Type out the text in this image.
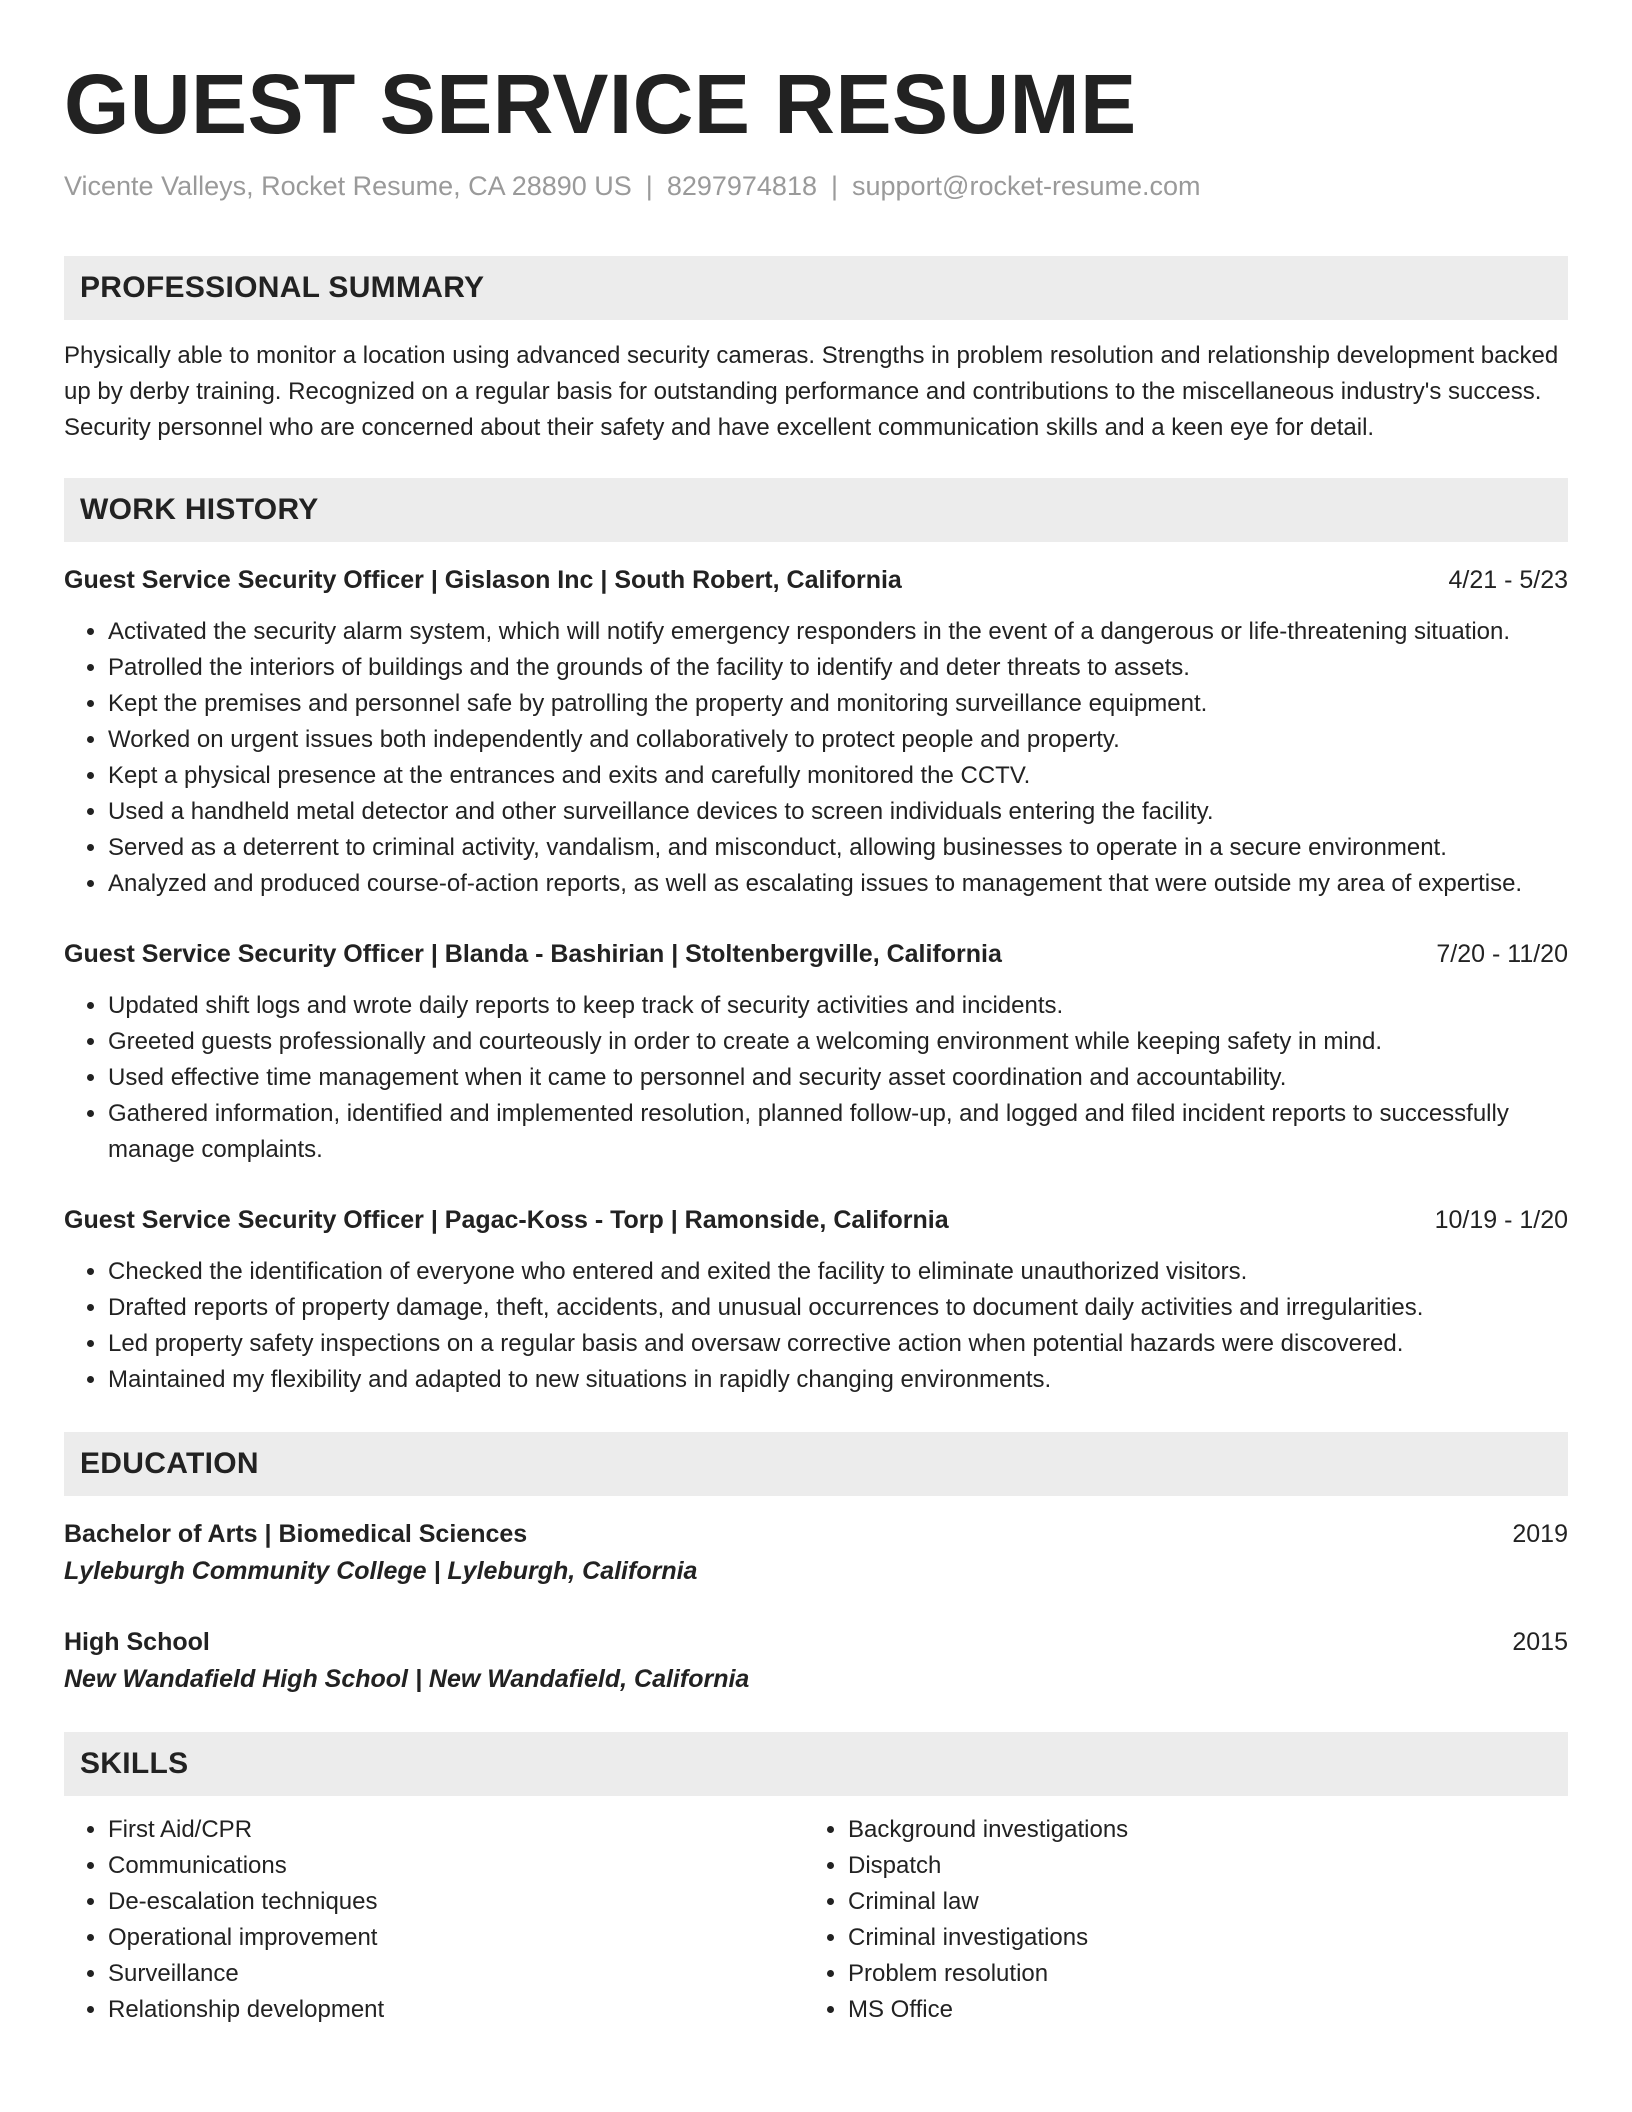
GUEST SERVICE RESUME
Vicente Valleys, Rocket Resume, CA 28890 US | 8297974818 | support@rocket-resume.com
PROFESSIONAL SUMMARY
Physically able to monitor a location using advanced security cameras. Strengths in problem resolution and relationship development backed up by derby training. Recognized on a regular basis for outstanding performance and contributions to the miscellaneous industry's success. Security personnel who are concerned about their safety and have excellent communication skills and a keen eye for detail.
WORK HISTORY
Guest Service Security Officer | Gislason Inc | South Robert, California	4/21 - 5/23
• Activated the security alarm system, which will notify emergency responders in the event of a dangerous or life-threatening situation.
• Patrolled the interiors of buildings and the grounds of the facility to identify and deter threats to assets.
• Kept the premises and personnel safe by patrolling the property and monitoring surveillance equipment.
• Worked on urgent issues both independently and collaboratively to protect people and property.
• Kept a physical presence at the entrances and exits and carefully monitored the CCTV.
• Used a handheld metal detector and other surveillance devices to screen individuals entering the facility.
• Served as a deterrent to criminal activity, vandalism, and misconduct, allowing businesses to operate in a secure environment.
• Analyzed and produced course-of-action reports, as well as escalating issues to management that were outside my area of expertise.
Guest Service Security Officer | Blanda - Bashirian | Stoltenbergville, California	7/20 - 11/20
• Updated shift logs and wrote daily reports to keep track of security activities and incidents.
• Greeted guests professionally and courteously in order to create a welcoming environment while keeping safety in mind.
• Used effective time management when it came to personnel and security asset coordination and accountability.
• Gathered information, identified and implemented resolution, planned follow-up, and logged and filed incident reports to successfully manage complaints.
Guest Service Security Officer | Pagac-Koss - Torp | Ramonside, California	10/19 - 1/20
• Checked the identification of everyone who entered and exited the facility to eliminate unauthorized visitors.
• Drafted reports of property damage, theft, accidents, and unusual occurrences to document daily activities and irregularities.
• Led property safety inspections on a regular basis and oversaw corrective action when potential hazards were discovered.
• Maintained my flexibility and adapted to new situations in rapidly changing environments.
EDUCATION
Bachelor of Arts | Biomedical Sciences	2019
Lyleburgh Community College | Lyleburgh, California
High School	2015
New Wandafield High School | New Wandafield, California
SKILLS
• First Aid/CPR
• Communications
• De-escalation techniques
• Operational improvement
• Surveillance
• Relationship development
• Background investigations
• Dispatch
• Criminal law
• Criminal investigations
• Problem resolution
• MS Office
